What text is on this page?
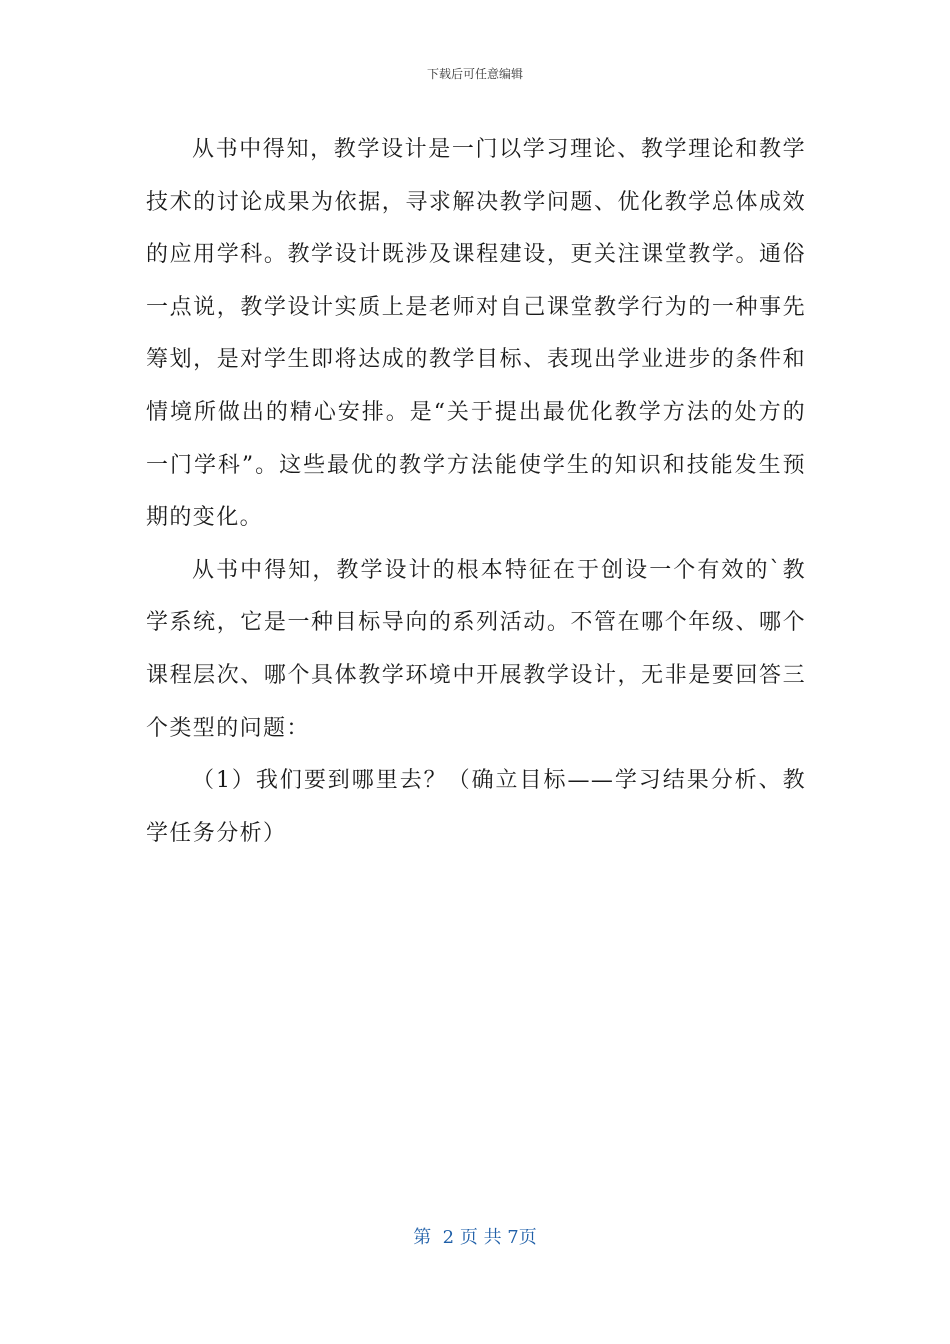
下载后可任意编辑

从书中得知，教学设计是一门以学习理论、教学理论和教学技术的讨论成果为依据，寻求解决教学问题、优化教学总体成效的应用学科。教学设计既涉及课程建设，更关注课堂教学。通俗一点说，教学设计实质上是老师对自己课堂教学行为的一种事先筹划，是对学生即将达成的教学目标、表现出学业进步的条件和情境所做出的精心安排。是“关于提出最优化教学方法的处方的一门学科”。这些最优的教学方法能使学生的知识和技能发生预期的变化。

从书中得知，教学设计的根本特征在于创设一个有效的`教学系统，它是一种目标导向的系列活动。不管在哪个年级、哪个课程层次、哪个具体教学环境中开展教学设计，无非是要回答三个类型的问题：

（1）我们要到哪里去？（确立目标——学习结果分析、教学任务分析）

第  2 页 共 7页
